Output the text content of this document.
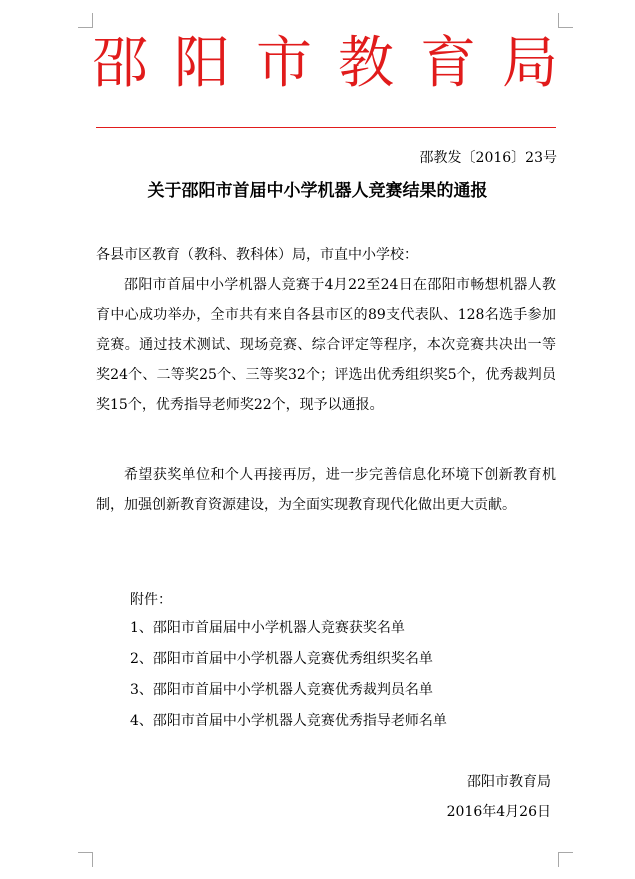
邵 阳 市 教 育 局
邵教发〔2016〕23号
关于邵阳市首届中小学机器人竞赛结果的通报
各县市区教育（教科、教科体）局，市直中小学校：
邵阳市首届中小学机器人竞赛于4月22至24日在邵阳市畅想机器人教育中心成功举办，全市共有来自各县市区的89支代表队、128名选手参加竞赛。通过技术测试、现场竞赛、综合评定等程序，本次竞赛共决出一等奖24个、二等奖25个、三等奖32个；评选出优秀组织奖5个，优秀裁判员奖15个，优秀指导老师奖22个，现予以通报。
希望获奖单位和个人再接再厉，进一步完善信息化环境下创新教育机制，加强创新教育资源建设，为全面实现教育现代化做出更大贡献。
附件：
1、邵阳市首届届中小学机器人竞赛获奖名单
2、邵阳市首届中小学机器人竞赛优秀组织奖名单
3、邵阳市首届中小学机器人竞赛优秀裁判员名单
4、邵阳市首届中小学机器人竞赛优秀指导老师名单
邵阳市教育局
2016年4月26日
